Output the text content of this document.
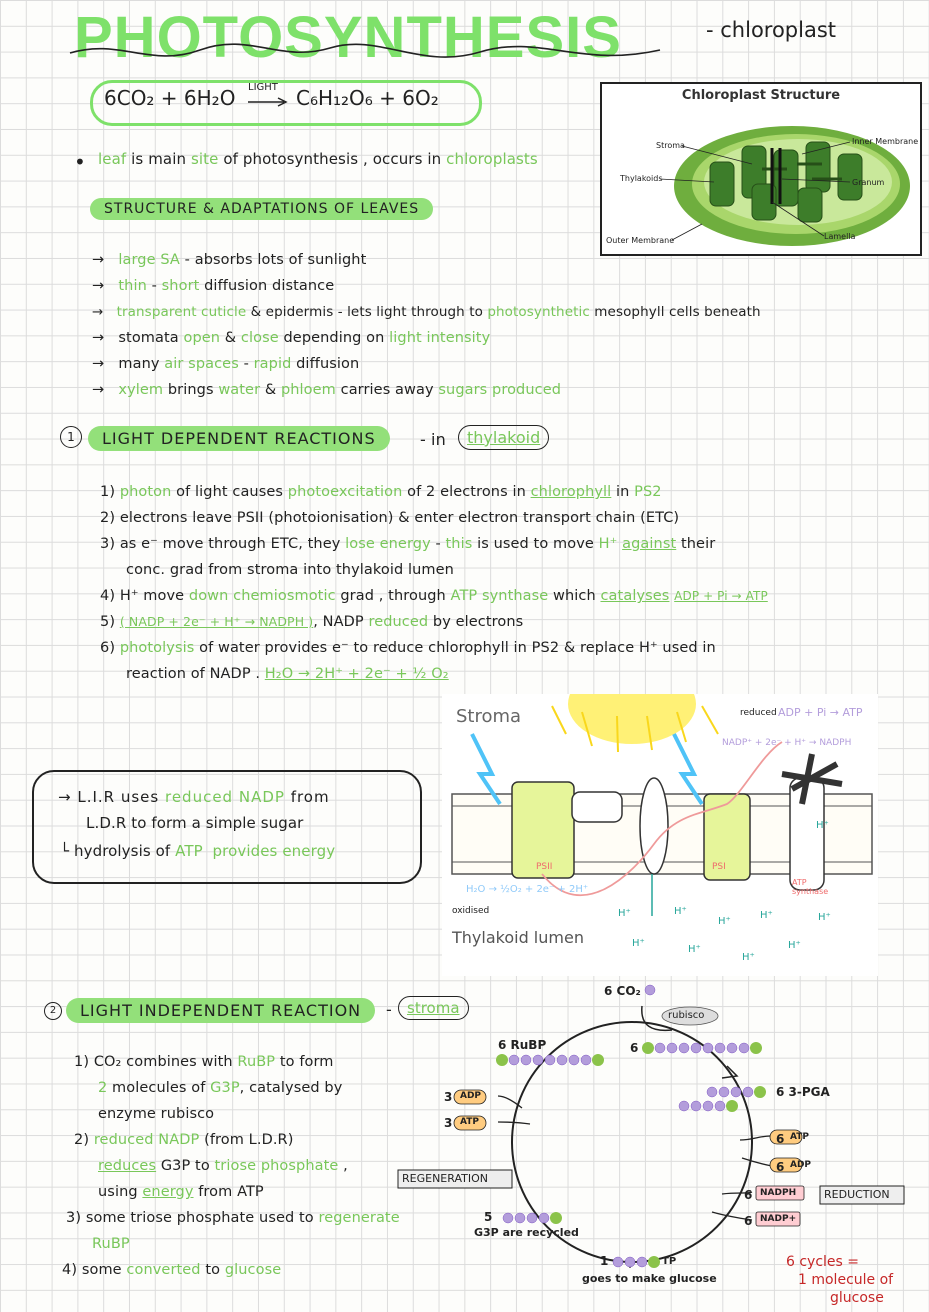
PHOTOSYNTHESIS	- chloroplast
6CO₂ + 6H₂O LIGHT C₆H₁₂O₆ + 6O₂	Chloroplast Structure
Stroma
Thylakoids
Outer Membrane
Inner Membrane
Granum
Lamella
• leaf is main site of photosynthesis , occurs in chloroplasts
STRUCTURE & ADAPTATIONS OF LEAVES
→ large SA - absorbs lots of sunlight
→ thin - short diffusion distance
→ transparent cuticle & epidermis - lets light through to photosynthetic mesophyll cells beneath
→ stomata open & close depending on light intensity
→ many air spaces - rapid diffusion
→ xylem brings water & phloem carries away sugars produced
1	LIGHT DEPENDENT REACTIONS	- in	thylakoid
1) photon of light causes photoexcitation of 2 electrons in chlorophyll in PS2
2) electrons leave PSII (photoionisation) & enter electron transport chain (ETC)
3) as e⁻ move through ETC, they lose energy - this is used to move H⁺ against their
conc. grad from stroma into thylakoid lumen
4) H⁺ move down chemiosmotic grad , through ATP synthase which catalyses ADP + Pi → ATP
5) ( NADP + 2e⁻ + H⁺ → NADPH ), NADP reduced by electrons
6) photolysis of water provides e⁻ to reduce chlorophyll in PS2 & replace H⁺ used in
reaction of NADP . H₂O → 2H⁺ + 2e⁻ + ½ O₂
→ L.I.R uses reduced NADP from
L.D.R to form a simple sugar
└ hydrolysis of ATP  provides energy
Stroma
Thylakoid lumen
reduced
oxidised
ADP + Pi → ATP
NADP⁺ + 2e⁻ + H⁺ → NADPH
PSII	PSI
ATP synthase
H₂O → ½O₂ + 2e⁻ + 2H⁺
H⁺	H⁺
H⁺
H⁺
H⁺
H⁺
H⁺
H⁺
H⁺
H⁺
2	LIGHT INDEPENDENT REACTION	-	stroma
1) CO₂ combines with RuBP to form
2 molecules of G3P, catalysed by
enzyme rubisco
2) reduced NADP (from L.D.R)
reduces G3P to triose phosphate ,
using energy from ATP
3) some triose phosphate used to regenerate
RuBP
4) some converted to glucose
6 CO₂
rubisco
6 RuBP	6
6 3-PGA
6 ATP
6 ADP
6 NADPH
6 NADP+
REDUCTION
REGENERATION
3 ADP
3 ATP
5
G3P are recycled
1	TP
goes to make glucose
6 cycles =
1 molecule of
glucose
